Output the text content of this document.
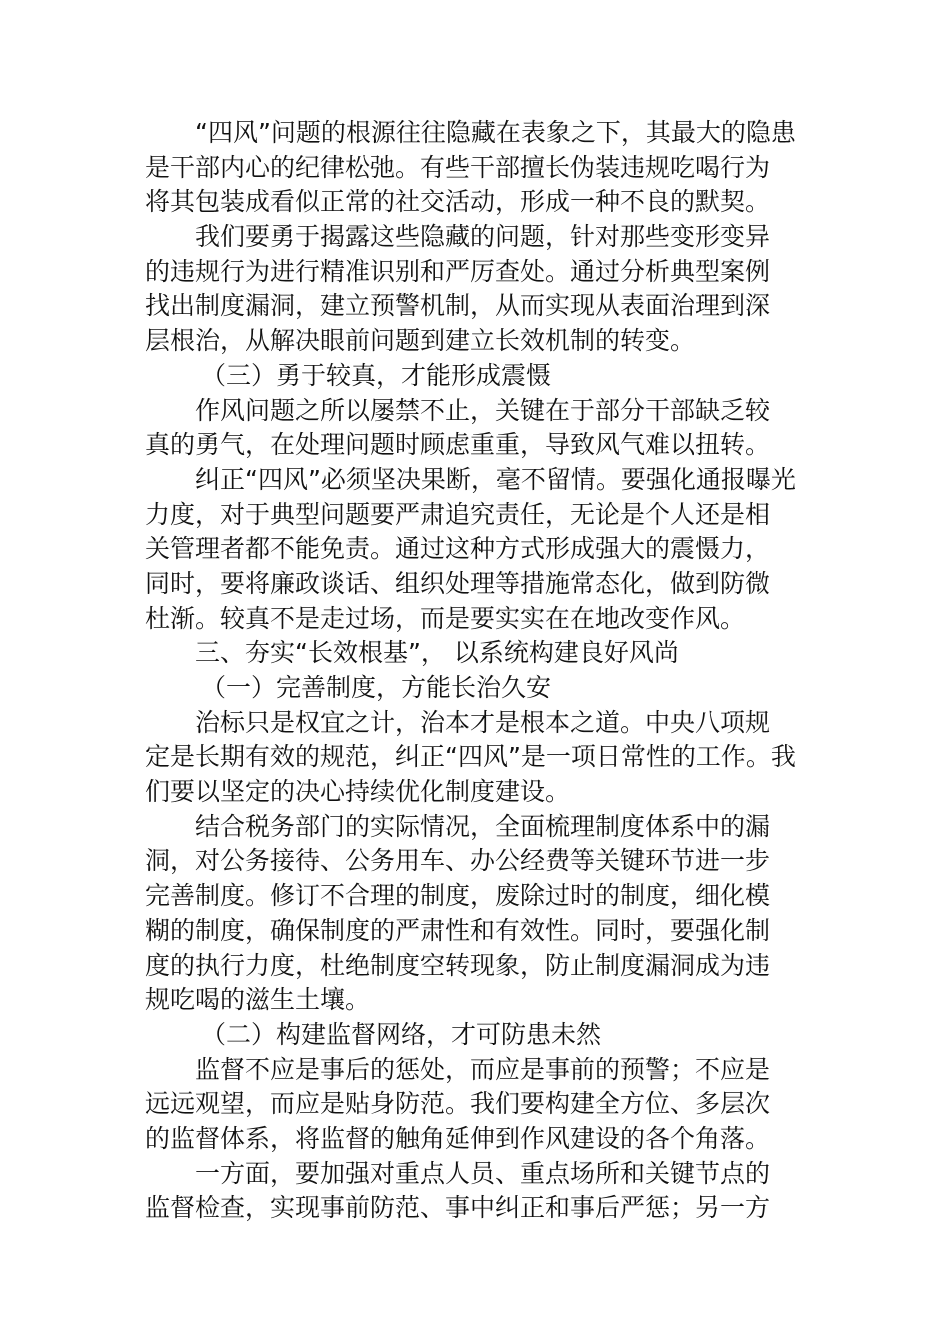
“四风”问题的根源往往隐藏在表象之下，其最大的隐患
是干部内心的纪律松弛。有些干部擅长伪装违规吃喝行为
将其包装成看似正常的社交活动，形成一种不良的默契。
我们要勇于揭露这些隐藏的问题，针对那些变形变异
的违规行为进行精准识别和严厉查处。通过分析典型案例
找出制度漏洞，建立预警机制，从而实现从表面治理到深
层根治，从解决眼前问题到建立长效机制的转变。
（三）勇于较真，才能形成震慑
作风问题之所以屡禁不止，关键在于部分干部缺乏较
真的勇气，在处理问题时顾虑重重，导致风气难以扭转。
纠正“四风”必须坚决果断，毫不留情。要强化通报曝光
力度，对于典型问题要严肃追究责任，无论是个人还是相
关管理者都不能免责。通过这种方式形成强大的震慑力，
同时，要将廉政谈话、组织处理等措施常态化，做到防微
杜渐。较真不是走过场，而是要实实在在地改变作风。
三、夯实“长效根基”， 以系统构建良好风尚
（一）完善制度，方能长治久安
治标只是权宜之计，治本才是根本之道。中央八项规
定是长期有效的规范，纠正“四风”是一项日常性的工作。我
们要以坚定的决心持续优化制度建设。
结合税务部门的实际情况，全面梳理制度体系中的漏
洞，对公务接待、公务用车、办公经费等关键环节进一步
完善制度。修订不合理的制度，废除过时的制度，细化模
糊的制度，确保制度的严肃性和有效性。同时，要强化制
度的执行力度，杜绝制度空转现象，防止制度漏洞成为违
规吃喝的滋生土壤。
（二）构建监督网络，才可防患未然
监督不应是事后的惩处，而应是事前的预警；不应是
远远观望，而应是贴身防范。我们要构建全方位、多层次
的监督体系，将监督的触角延伸到作风建设的各个角落。
一方面，要加强对重点人员、重点场所和关键节点的
监督检查，实现事前防范、事中纠正和事后严惩；另一方
